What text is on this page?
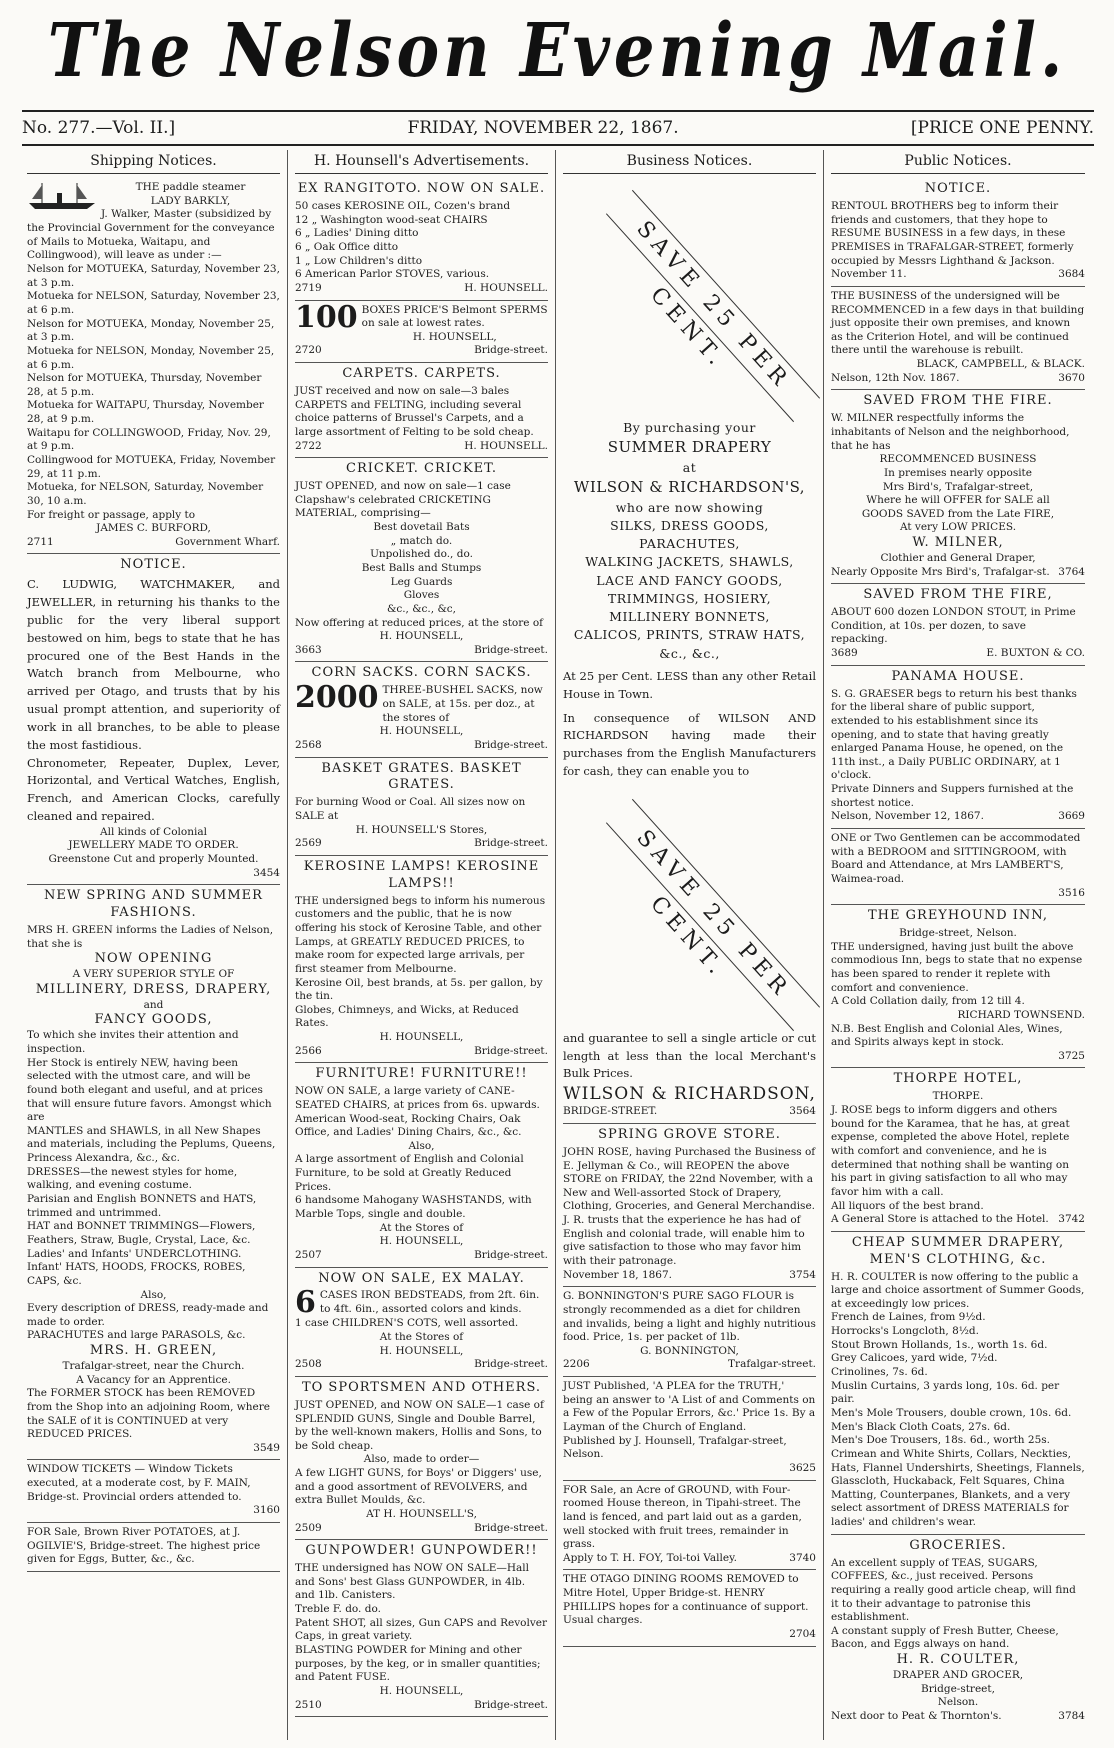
The Nelson Evening Mail.
No. 277.—Vol. II.]	FRIDAY, NOVEMBER 22, 1867.	[PRICE ONE PENNY.
Shipping Notices.

THE paddle steamer

LADY BARKLY,

J. Walker, Master (subsidized by the Provincial Government for the conveyance of Mails to Motueka, Waitapu, and Collingwood), will leave as under :—

Nelson for MOTUEKA, Saturday, November 23, at 3 p.m.

Motueka for NELSON, Saturday, November 23, at 6 p.m.

Nelson for MOTUEKA, Monday, November 25, at 3 p.m.

Motueka for NELSON, Monday, November 25, at 6 p.m.

Nelson for MOTUEKA, Thursday, November 28, at 5 p.m.

Motueka for WAITAPU, Thursday, November 28, at 9 p.m.

Waitapu for COLLINGWOOD, Friday, Nov. 29, at 9 p.m.

Collingwood for MOTUEKA, Friday, November 29, at 11 p.m.

Motueka, for NELSON, Saturday, November 30, 10 a.m.

For freight or passage, apply to

JAMES C. BURFORD,

2711	Government Wharf.

NOTICE.

C. LUDWIG, WATCHMAKER, and JEWELLER, in returning his thanks to the public for the very liberal support bestowed on him, begs to state that he has procured one of the Best Hands in the Watch branch from Melbourne, who arrived per Otago, and trusts that by his usual prompt attention, and superiority of work in all branches, to be able to please the most fastidious.

Chronometer, Repeater, Duplex, Lever, Horizontal, and Vertical Watches, English, French, and American Clocks, carefully cleaned and repaired.

All kinds of Colonial

JEWELLERY MADE TO ORDER.

Greenstone Cut and properly Mounted.

3454

NEW SPRING AND SUMMER FASHIONS.

MRS H. GREEN informs the Ladies of Nelson, that she is

NOW OPENING

A VERY SUPERIOR STYLE OF

MILLINERY, DRESS, DRAPERY,

and

FANCY GOODS,

To which she invites their attention and inspection.

Her Stock is entirely NEW, having been selected with the utmost care, and will be found both elegant and useful, and at prices that will ensure future favors. Amongst which are

MANTLES and SHAWLS, in all New Shapes and materials, including the Peplums, Queens, Princess Alexandra, &c., &c.

DRESSES—the newest styles for home, walking, and evening costume.

Parisian and English BONNETS and HATS, trimmed and untrimmed.

HAT and BONNET TRIMMINGS—Flowers, Feathers, Straw, Bugle, Crystal, Lace, &c.

Ladies' and Infants' UNDERCLOTHING.

Infant' HATS, HOODS, FROCKS, ROBES, CAPS, &c.

Also,

Every description of DRESS, ready-made and made to order.

PARACHUTES and large PARASOLS, &c.

MRS. H. GREEN,

Trafalgar-street, near the Church.

A Vacancy for an Apprentice.

The FORMER STOCK has been REMOVED from the Shop into an adjoining Room, where the SALE of it is CONTINUED at very REDUCED PRICES.

3549

WINDOW TICKETS — Window Tickets executed, at a moderate cost, by F. MAIN, Bridge-st. Provincial orders attended to.

3160

FOR Sale, Brown River POTATOES, at J. OGILVIE'S, Bridge-street. The highest price given for Eggs, Butter, &c., &c.

H. Hounsell's Advertisements.

EX RANGITOTO. NOW ON SALE.

50 cases KEROSINE OIL, Cozen's brand

12 „ Washington wood-seat CHAIRS

6 „ Ladies' Dining ditto

6 „ Oak Office ditto

1 „ Low Children's ditto

6 American Parlor STOVES, various.

2719	H. HOUNSELL.
100 BOXES PRICE'S Belmont SPERMS on sale at lowest rates.

H. HOUNSELL,

2720	Bridge-street.

CARPETS. CARPETS.

JUST received and now on sale—3 bales CARPETS and FELTING, including several choice patterns of Brussel's Carpets, and a large assortment of Felting to be sold cheap.

2722	H. HOUNSELL.

CRICKET. CRICKET.

JUST OPENED, and now on sale—1 case Clapshaw's celebrated CRICKETING MATERIAL, comprising—

Best dovetail Bats

„ match do.

Unpolished do., do.

Best Balls and Stumps

Leg Guards

Gloves

&c., &c., &c,

Now offering at reduced prices, at the store of

H. HOUNSELL,

3663	Bridge-street.

CORN SACKS. CORN SACKS.

2000 THREE-BUSHEL SACKS, now on SALE, at 15s. per doz., at the stores of

H. HOUNSELL,

2568	Bridge-street.

BASKET GRATES. BASKET GRATES.

For burning Wood or Coal. All sizes now on SALE at

H. HOUNSELL'S Stores,

2569	Bridge-street.

KEROSINE LAMPS! KEROSINE LAMPS!!

THE undersigned begs to inform his numerous customers and the public, that he is now offering his stock of Kerosine Table, and other Lamps, at GREATLY REDUCED PRICES, to make room for expected large arrivals, per first steamer from Melbourne.

Kerosine Oil, best brands, at 5s. per gallon, by the tin.

Globes, Chimneys, and Wicks, at Reduced Rates.

H. HOUNSELL,

2566	Bridge-street.

FURNITURE! FURNITURE!!

NOW ON SALE, a large variety of CANE-SEATED CHAIRS, at prices from 6s. upwards. American Wood-seat, Rocking Chairs, Oak Office, and Ladies' Dining Chairs, &c., &c.

Also,

A large assortment of English and Colonial Furniture, to be sold at Greatly Reduced Prices.

6 handsome Mahogany WASHSTANDS, with Marble Tops, single and double.

At the Stores of

H. HOUNSELL,

2507	Bridge-street.

NOW ON SALE, EX MALAY.

6 CASES IRON BEDSTEADS, from 2ft. 6in. to 4ft. 6in., assorted colors and kinds.

1 case CHILDREN'S COTS, well assorted.

At the Stores of

H. HOUNSELL,

2508	Bridge-street.

TO SPORTSMEN AND OTHERS.

JUST OPENED, and NOW ON SALE—1 case of SPLENDID GUNS, Single and Double Barrel, by the well-known makers, Hollis and Sons, to be Sold cheap.

Also, made to order—

A few LIGHT GUNS, for Boys' or Diggers' use, and a good assortment of REVOLVERS, and extra Bullet Moulds, &c.

AT H. HOUNSELL'S,

2509	Bridge-street.

GUNPOWDER! GUNPOWDER!!

THE undersigned has NOW ON SALE—Hall and Sons' best Glass GUNPOWDER, in 4lb. and 1lb. Canisters.

Treble F. do. do.

Patent SHOT, all sizes, Gun CAPS and Revolver Caps, in great variety.

BLASTING POWDER for Mining and other purposes, by the keg, or in smaller quantities; and Patent FUSE.

H. HOUNSELL,

2510	Bridge-street.
Business Notices.
SAVE 25 PER CENT.

By purchasing your

SUMMER DRAPERY

at

WILSON & RICHARDSON'S,

who are now showing

SILKS, DRESS GOODS,

PARACHUTES,

WALKING JACKETS, SHAWLS,

LACE AND FANCY GOODS,

TRIMMINGS, HOSIERY,

MILLINERY BONNETS,

CALICOS, PRINTS, STRAW HATS,

&c., &c.,

At 25 per Cent. LESS than any other Retail House in Town.

In consequence of WILSON AND RICHARDSON having made their purchases from the English Manufacturers for cash, they can enable you to

SAVE 25 PER CENT.

and guarantee to sell a single article or cut length at less than the local Merchant's Bulk Prices.

WILSON & RICHARDSON,

BRIDGE-STREET.	3564

SPRING GROVE STORE.

JOHN ROSE, having Purchased the Business of E. Jellyman & Co., will REOPEN the above STORE on FRIDAY, the 22nd November, with a New and Well-assorted Stock of Drapery, Clothing, Groceries, and General Merchandise.

J. R. trusts that the experience he has had of English and colonial trade, will enable him to give satisfaction to those who may favor him with their patronage.

November 18, 1867.	3754

G. BONNINGTON'S PURE SAGO FLOUR is strongly recommended as a diet for children and invalids, being a light and highly nutritious food. Price, 1s. per packet of 1lb.

G. BONNINGTON,

2206	Trafalgar-street.

JUST Published, 'A PLEA for the TRUTH,' being an answer to 'A List of and Comments on a Few of the Popular Errors, &c.' Price 1s. By a Layman of the Church of England.

Published by J. Hounsell, Trafalgar-street, Nelson.

3625

FOR Sale, an Acre of GROUND, with Four-roomed House thereon, in Tipahi-street. The land is fenced, and part laid out as a garden, well stocked with fruit trees, remainder in grass.

Apply to T. H. FOY, Toi-toi Valley.	3740

THE OTAGO DINING ROOMS REMOVED to Mitre Hotel, Upper Bridge-st. HENRY PHILLIPS hopes for a continuance of support. Usual charges.

2704

Public Notices.

NOTICE.

RENTOUL BROTHERS beg to inform their friends and customers, that they hope to RESUME BUSINESS in a few days, in these PREMISES in TRAFALGAR-STREET, formerly occupied by Messrs Lighthand & Jackson.

November 11.	3684

THE BUSINESS of the undersigned will be RECOMMENCED in a few days in that building just opposite their own premises, and known as the Criterion Hotel, and will be continued there until the warehouse is rebuilt.

BLACK, CAMPBELL, & BLACK.

Nelson, 12th Nov. 1867.	3670

SAVED FROM THE FIRE.

W. MILNER respectfully informs the inhabitants of Nelson and the neighborhood, that he has

RECOMMENCED BUSINESS

In premises nearly opposite

Mrs Bird's, Trafalgar-street,

Where he will OFFER for SALE all

GOODS SAVED from the Late FIRE,

At very LOW PRICES.

W. MILNER,

Clothier and General Draper,

Nearly Opposite Mrs Bird's, Trafalgar-st. 3764

SAVED FROM THE FIRE,

ABOUT 600 dozen LONDON STOUT, in Prime Condition, at 10s. per dozen, to save repacking.

3689	E. BUXTON & CO.

PANAMA HOUSE.

S. G. GRAESER begs to return his best thanks for the liberal share of public support, extended to his establishment since its opening, and to state that having greatly enlarged Panama House, he opened, on the 11th inst., a Daily PUBLIC ORDINARY, at 1 o'clock.

Private Dinners and Suppers furnished at the shortest notice.

Nelson, November 12, 1867.	3669

ONE or Two Gentlemen can be accommodated with a BEDROOM and SITTINGROOM, with Board and Attendance, at Mrs LAMBERT'S, Waimea-road.

3516

THE GREYHOUND INN,

Bridge-street, Nelson.

THE undersigned, having just built the above commodious Inn, begs to state that no expense has been spared to render it replete with comfort and convenience.

A Cold Collation daily, from 12 till 4.

RICHARD TOWNSEND.

N.B. Best English and Colonial Ales, Wines, and Spirits always kept in stock.

3725

THORPE HOTEL,

THORPE.

J. ROSE begs to inform diggers and others bound for the Karamea, that he has, at great expense, completed the above Hotel, replete with comfort and convenience, and he is determined that nothing shall be wanting on his part in giving satisfaction to all who may favor him with a call.

All liquors of the best brand.

A General Store is attached to the Hotel. 3742

CHEAP SUMMER DRAPERY, MEN'S CLOTHING, &c.

H. R. COULTER is now offering to the public a large and choice assortment of Summer Goods, at exceedingly low prices.

French de Laines, from 9½d.

Horrocks's Longcloth, 8½d.

Stout Brown Hollands, 1s., worth 1s. 6d.

Grey Calicoes, yard wide, 7½d.

Crinolines, 7s. 6d.

Muslin Curtains, 3 yards long, 10s. 6d. per pair.

Men's Mole Trousers, double crown, 10s. 6d.

Men's Black Cloth Coats, 27s. 6d.

Men's Doe Trousers, 18s. 6d., worth 25s.

Crimean and White Shirts, Collars, Neckties, Hats, Flannel Undershirts, Sheetings, Flannels, Glasscloth, Huckaback, Felt Squares, China Matting, Counterpanes, Blankets, and a very select assortment of DRESS MATERIALS for ladies' and children's wear.

GROCERIES.

An excellent supply of TEAS, SUGARS, COFFEES, &c., just received. Persons requiring a really good article cheap, will find it to their advantage to patronise this establishment.

A constant supply of Fresh Butter, Cheese, Bacon, and Eggs always on hand.

H. R. COULTER,

DRAPER AND GROCER,

Bridge-street,

Nelson.

Next door to Peat & Thornton's.	3784
